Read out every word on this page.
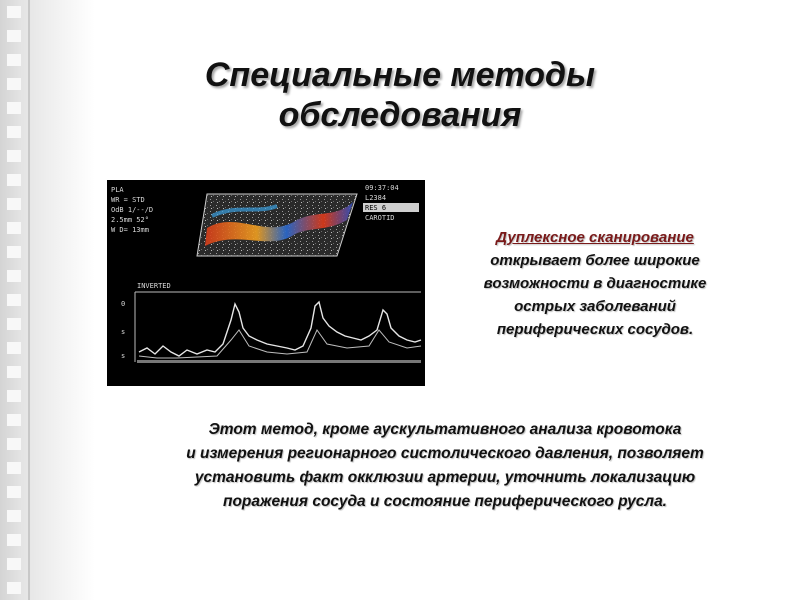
Специальные методы
обследования
PLA
WR = STD
OdB 1/--/D
2.5mm 52°
W D= 13mm
09:37:04
L2384
RES 6
CAROTID
INVERTED
0
s
s
Дуплексное сканирование
открывает более широкие
возможности в диагностике
острых заболеваний
периферических сосудов.
Этот метод, кроме аускультативного анализа кровотока
и измерения регионарного систолического давления, позволяет
установить факт окклюзии артерии, уточнить локализацию
поражения сосуда и состояние периферического русла.
